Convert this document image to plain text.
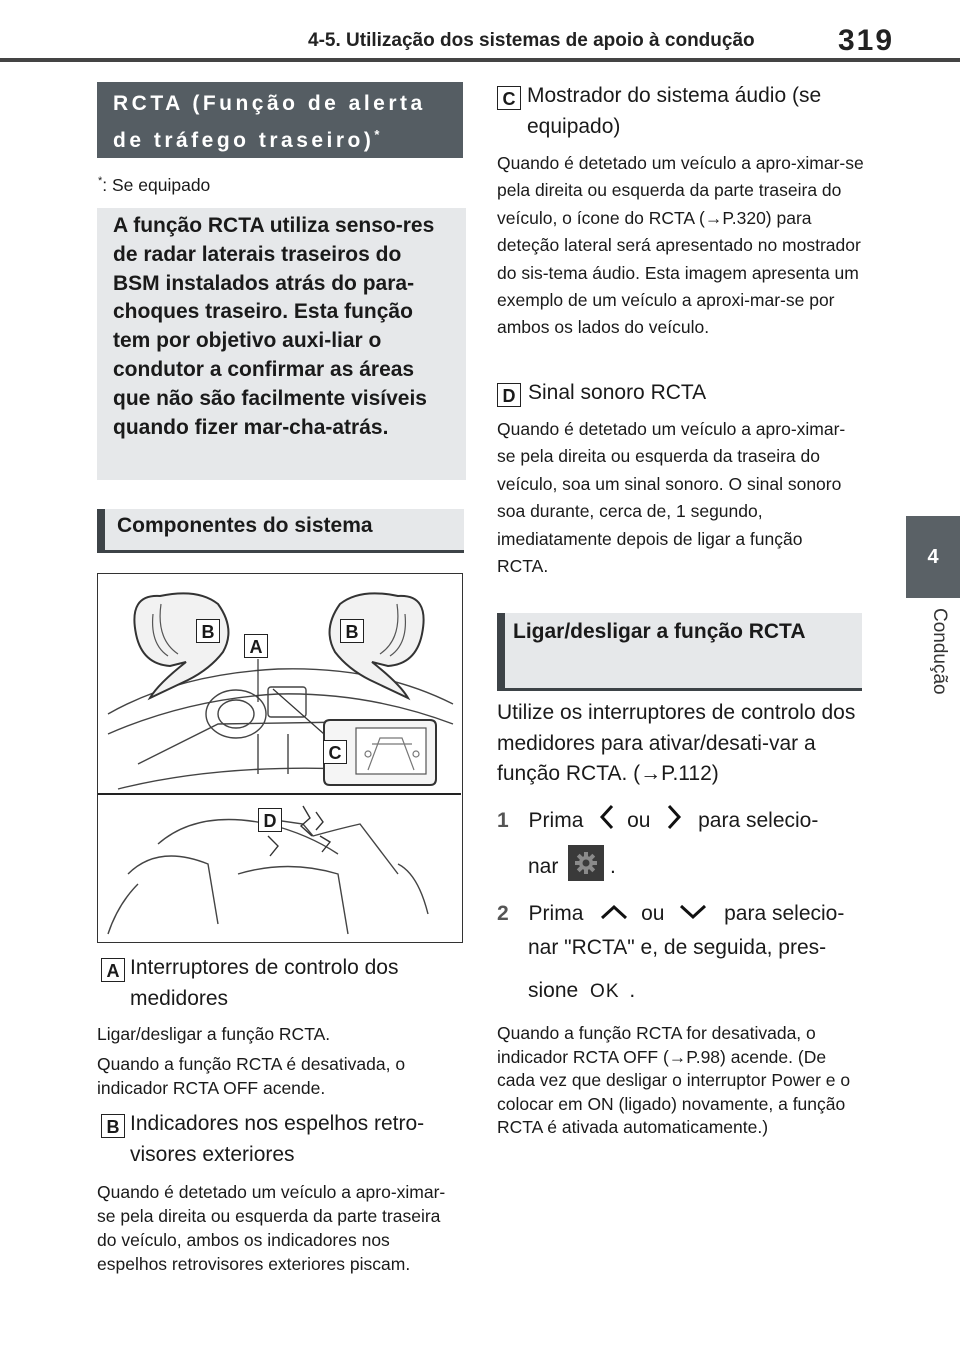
4-5. Utilização dos sistemas de apoio à condução	319
4
Condução
RCTA (Função de alerta de tráfego traseiro)*
*: Se equipado
A função RCTA utiliza senso-res de radar laterais traseiros do BSM instalados atrás do para-choques traseiro. Esta função tem por objetivo auxi-liar o condutor a confirmar as áreas que não são facilmente visíveis quando fizer mar-cha-atrás.
Componentes do sistema
B	B
A
C
D
A Interruptores de controlo dos medidores
Ligar/desligar a função RCTA.
Quando a função RCTA é desativada, o indicador RCTA OFF acende.
B Indicadores nos espelhos retro-visores exteriores
Quando é detetado um veículo a apro-ximar-se pela direita ou esquerda da parte traseira do veículo, ambos os indicadores nos espelhos retrovisores exteriores piscam.
C Mostrador do sistema áudio (se equipado)
Quando é detetado um veículo a apro-ximar-se pela direita ou esquerda da parte traseira do veículo, o ícone do RCTA (→P.320) para deteção lateral será apresentado no mostrador do sis-tema áudio. Esta imagem apresenta um exemplo de um veículo a aproxi-mar-se por ambos os lados do veículo.
D Sinal sonoro RCTA
Quando é detetado um veículo a apro-ximar-se pela direita ou esquerda da traseira do veículo, soa um sinal sonoro. O sinal sonoro soa durante, cerca de, 1 segundo, imediatamente depois de ligar a função RCTA.
Ligar/desligar a função RCTA
Utilize os interruptores de controlo dos medidores para ativar/desati-var a função RCTA. (→P.112)
1 Prima ou para selecio-
nar .
2 Prima	ou	para selecio-
nar "RCTA" e, de seguida, pres-
sione OK .
Quando a função RCTA for desativada, o indicador RCTA OFF (→P.98) acende. (De cada vez que desligar o interruptor Power e o colocar em ON (ligado) novamente, a função RCTA é ativada automaticamente.)
